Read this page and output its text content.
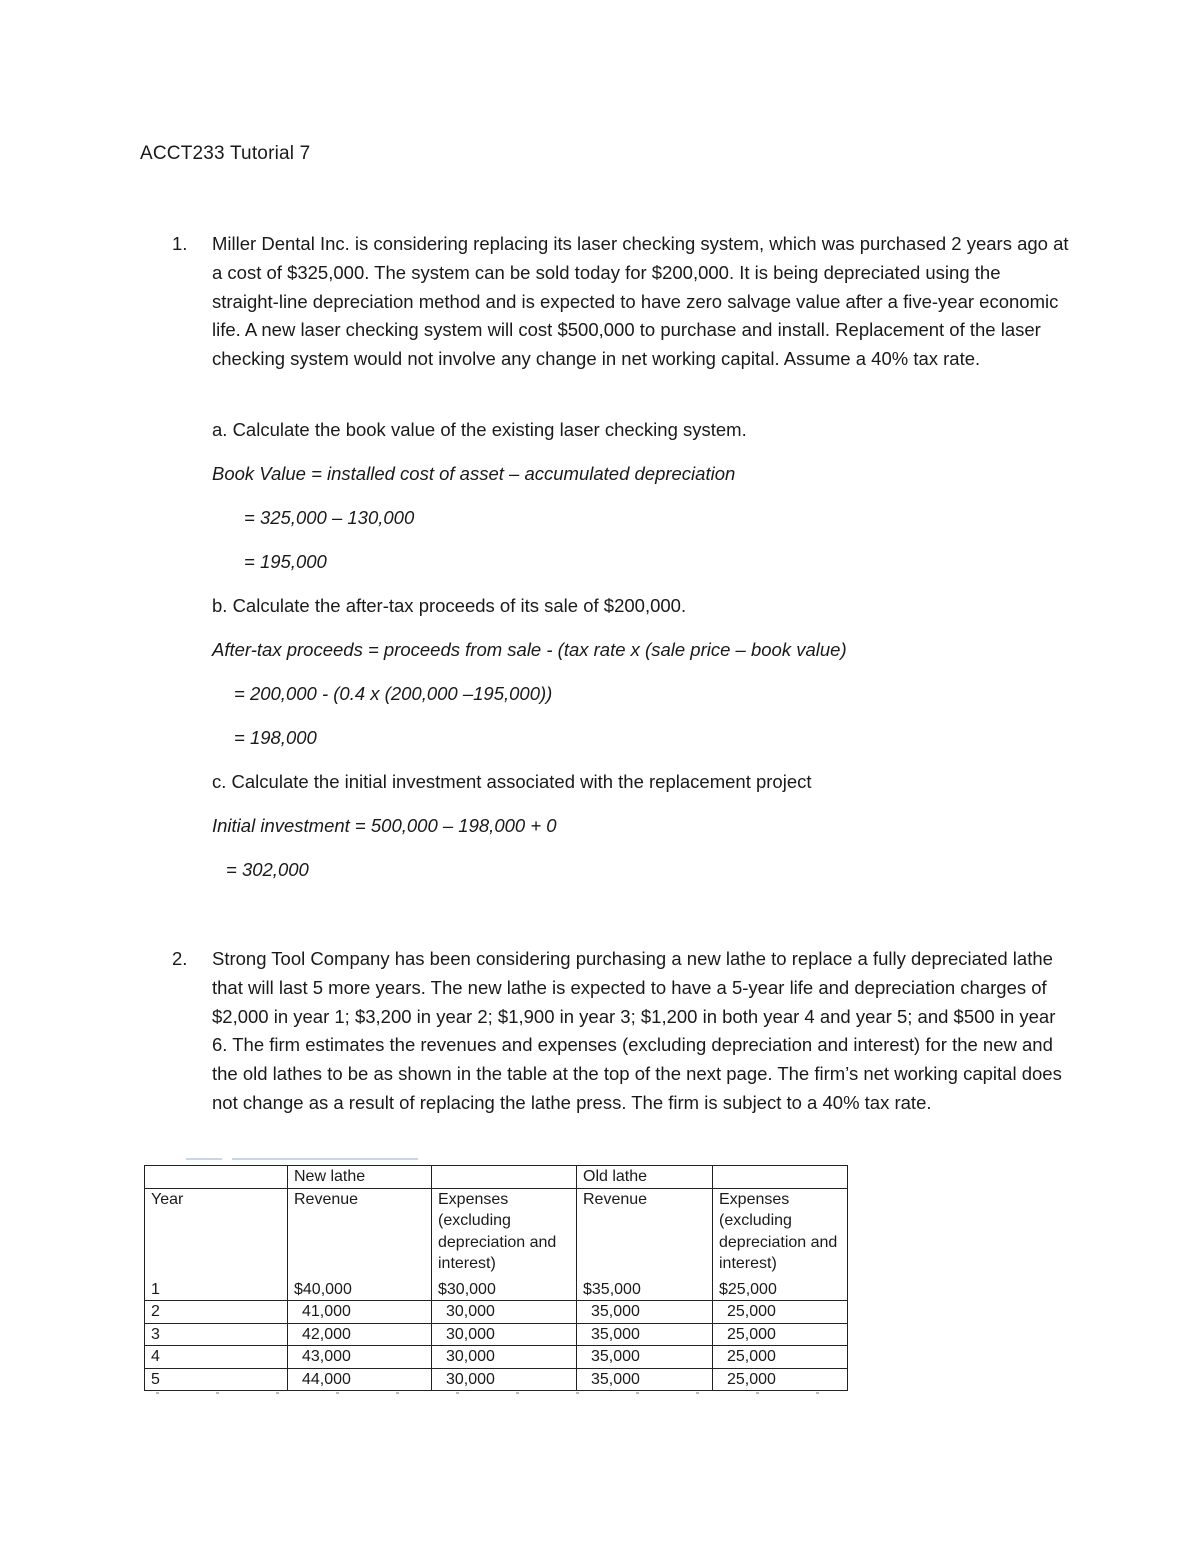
ACCT233 Tutorial 7
1. Miller Dental Inc. is considering replacing its laser checking system, which was purchased 2 years ago at a cost of $325,000. The system can be sold today for $200,000. It is being depreciated using the straight-line depreciation method and is expected to have zero salvage value after a five-year economic life. A new laser checking system will cost $500,000 to purchase and install. Replacement of the laser checking system would not involve any change in net working capital. Assume a 40% tax rate.
a. Calculate the book value of the existing laser checking system.
Book Value = installed cost of asset – accumulated depreciation
= 325,000 – 130,000
= 195,000
b. Calculate the after-tax proceeds of its sale of $200,000.
After-tax proceeds = proceeds from sale - (tax rate x (sale price – book value)
= 200,000 - (0.4 x (200,000 –195,000))
= 198,000
c. Calculate the initial investment associated with the replacement project
Initial investment = 500,000 – 198,000 + 0
= 302,000
2. Strong Tool Company has been considering purchasing a new lathe to replace a fully depreciated lathe that will last 5 more years. The new lathe is expected to have a 5-year life and depreciation charges of $2,000 in year 1; $3,200 in year 2; $1,900 in year 3; $1,200 in both year 4 and year 5; and $500 in year 6. The firm estimates the revenues and expenses (excluding depreciation and interest) for the new and the old lathes to be as shown in the table at the top of the next page. The firm’s net working capital does not change as a result of replacing the lathe press. The firm is subject to a 40% tax rate.
	New lathe		Old lathe	
Year	Revenue	Expenses (excluding depreciation and interest)	Revenue	Expenses (excluding depreciation and interest)
1	$40,000	$30,000	$35,000	$25,000
2	41,000	30,000	35,000	25,000
3	42,000	30,000	35,000	25,000
4	43,000	30,000	35,000	25,000
5	44,000	30,000	35,000	25,000
